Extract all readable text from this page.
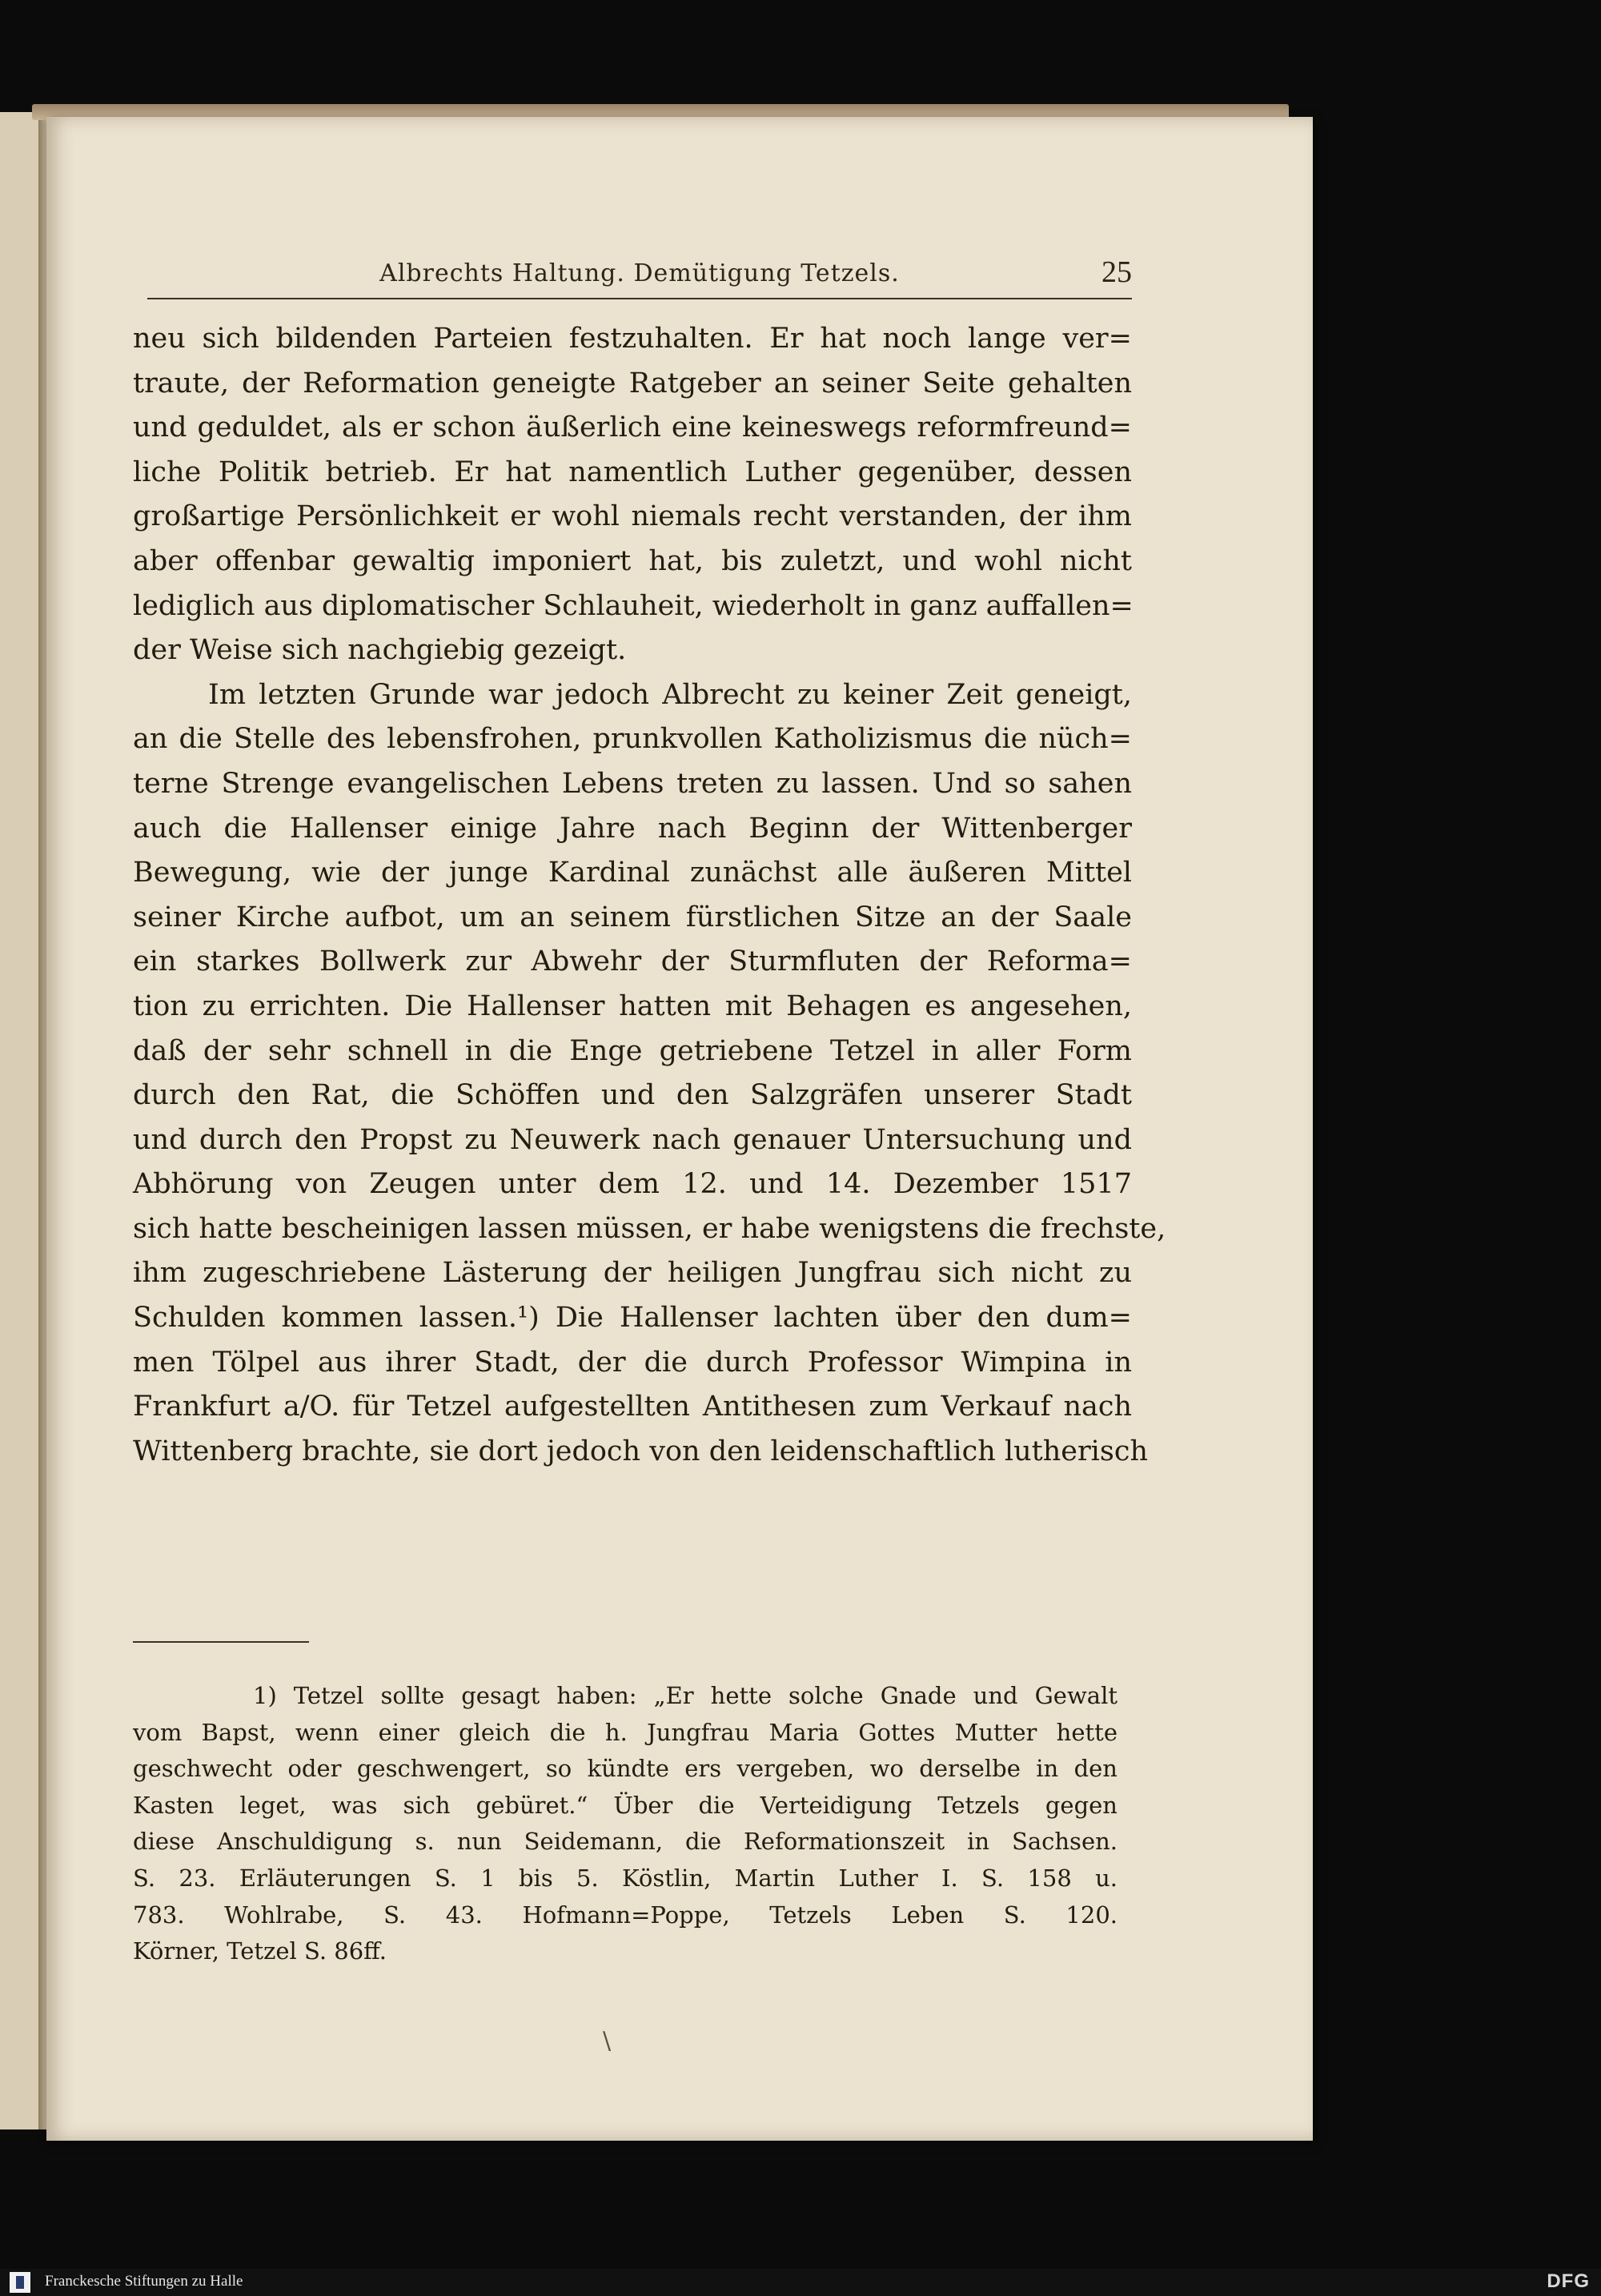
Albrechts Haltung. Demütigung Tetzels.	25
neu sich bildenden Parteien festzuhalten. Er hat noch lange ver=
traute, der Reformation geneigte Ratgeber an seiner Seite gehalten
und geduldet, als er schon äußerlich eine keineswegs reformfreund=
liche Politik betrieb. Er hat namentlich Luther gegenüber, dessen
großartige Persönlichkeit er wohl niemals recht verstanden, der ihm
aber offenbar gewaltig imponiert hat, bis zuletzt, und wohl nicht
lediglich aus diplomatischer Schlauheit, wiederholt in ganz auffallen=
der Weise sich nachgiebig gezeigt.
Im letzten Grunde war jedoch Albrecht zu keiner Zeit geneigt,
an die Stelle des lebensfrohen, prunkvollen Katholizismus die nüch=
terne Strenge evangelischen Lebens treten zu lassen. Und so sahen
auch die Hallenser einige Jahre nach Beginn der Wittenberger
Bewegung, wie der junge Kardinal zunächst alle äußeren Mittel
seiner Kirche aufbot, um an seinem fürstlichen Sitze an der Saale
ein starkes Bollwerk zur Abwehr der Sturmfluten der Reforma=
tion zu errichten. Die Hallenser hatten mit Behagen es angesehen,
daß der sehr schnell in die Enge getriebene Tetzel in aller Form
durch den Rat, die Schöffen und den Salzgräfen unserer Stadt
und durch den Propst zu Neuwerk nach genauer Untersuchung und
Abhörung von Zeugen unter dem 12. und 14. Dezember 1517
sich hatte bescheinigen lassen müssen, er habe wenigstens die frechste,
ihm zugeschriebene Lästerung der heiligen Jungfrau sich nicht zu
Schulden kommen lassen.¹) Die Hallenser lachten über den dum=
men Tölpel aus ihrer Stadt, der die durch Professor Wimpina in
Frankfurt a/O. für Tetzel aufgestellten Antithesen zum Verkauf nach
Wittenberg brachte, sie dort jedoch von den leidenschaftlich lutherisch
1) Tetzel sollte gesagt haben: „Er hette solche Gnade und Gewalt
vom Bapst, wenn einer gleich die h. Jungfrau Maria Gottes Mutter hette
geschwecht oder geschwengert, so kündte ers vergeben, wo derselbe in den
Kasten leget, was sich gebüret.“ Über die Verteidigung Tetzels gegen
diese Anschuldigung s. nun Seidemann, die Reformationszeit in Sachsen.
S. 23. Erläuterungen S. 1 bis 5. Köstlin, Martin Luther I. S. 158 u.
783. Wohlrabe, S. 43. Hofmann=Poppe, Tetzels Leben S. 120.
Körner, Tetzel S. 86ff.
\
Franckesche Stiftungen zu Halle	DFG
